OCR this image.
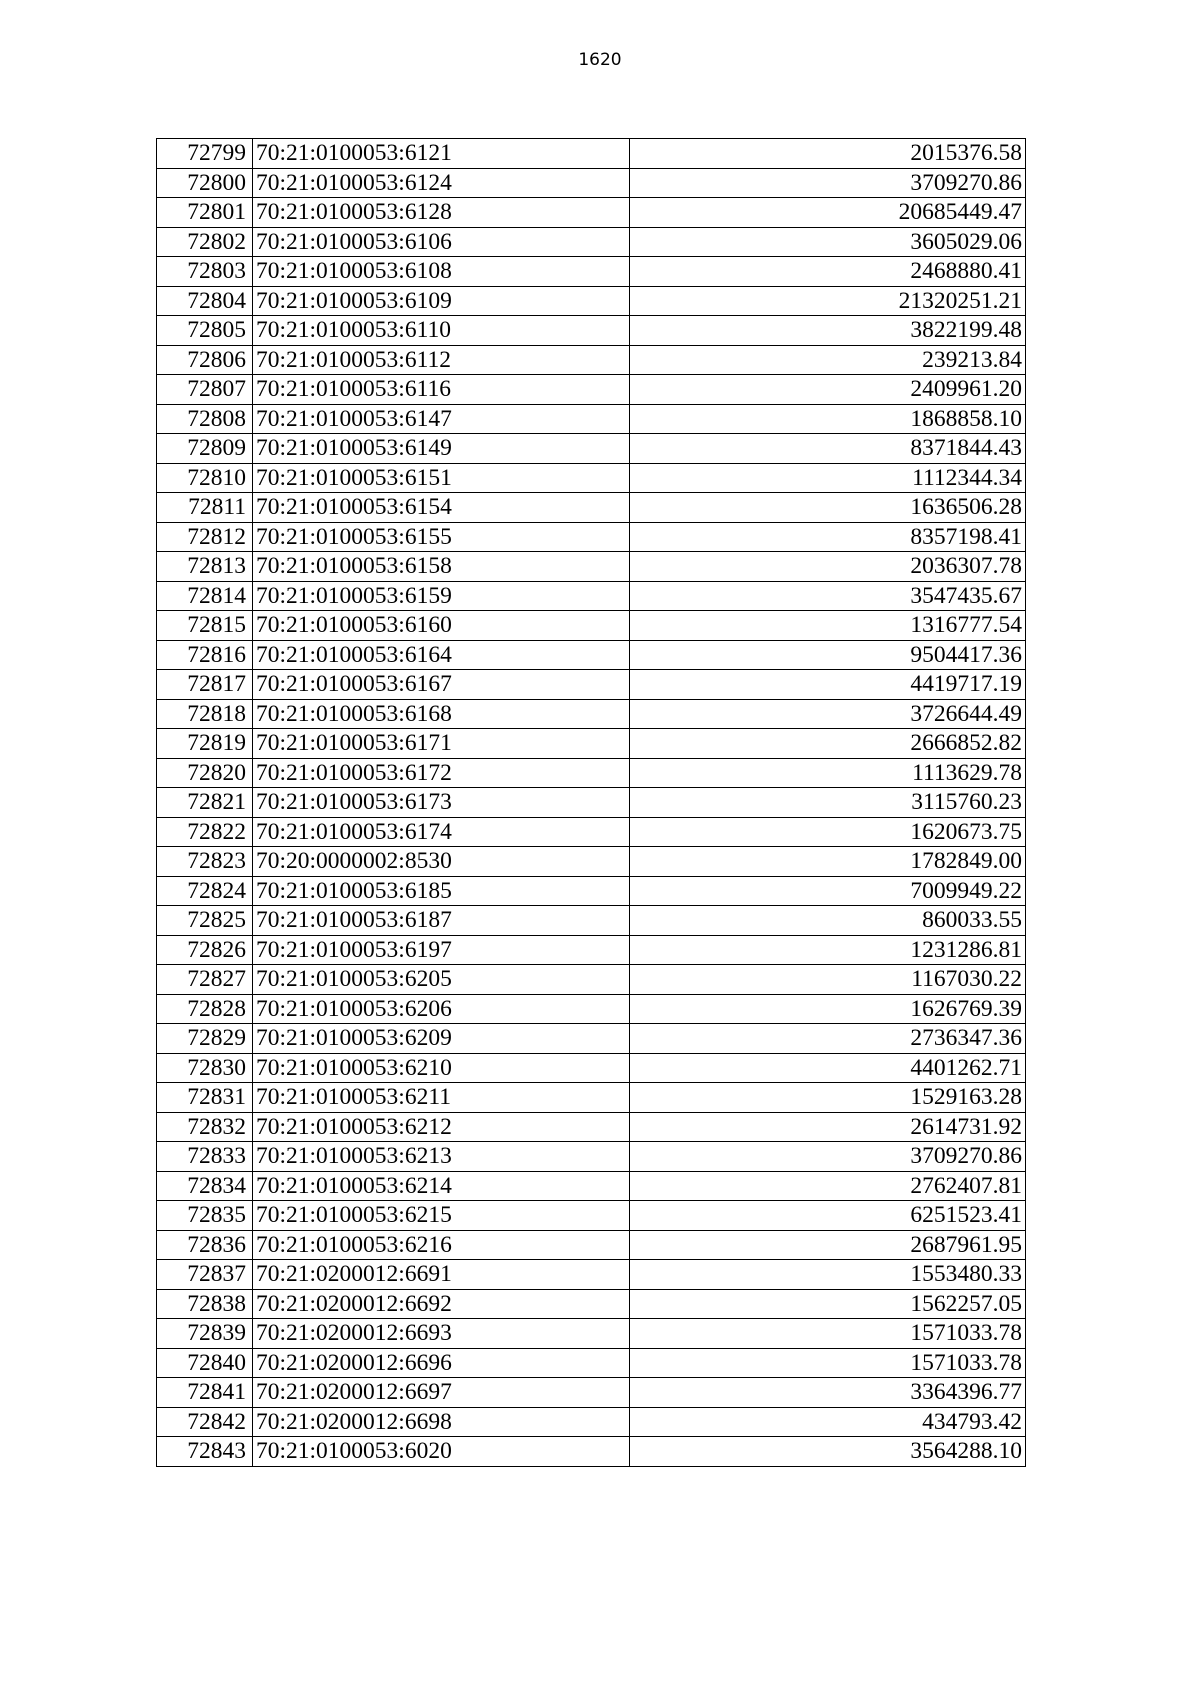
1620
72799	70:21:0100053:6121	2015376.58
72800	70:21:0100053:6124	3709270.86
72801	70:21:0100053:6128	20685449.47
72802	70:21:0100053:6106	3605029.06
72803	70:21:0100053:6108	2468880.41
72804	70:21:0100053:6109	21320251.21
72805	70:21:0100053:6110	3822199.48
72806	70:21:0100053:6112	239213.84
72807	70:21:0100053:6116	2409961.20
72808	70:21:0100053:6147	1868858.10
72809	70:21:0100053:6149	8371844.43
72810	70:21:0100053:6151	1112344.34
72811	70:21:0100053:6154	1636506.28
72812	70:21:0100053:6155	8357198.41
72813	70:21:0100053:6158	2036307.78
72814	70:21:0100053:6159	3547435.67
72815	70:21:0100053:6160	1316777.54
72816	70:21:0100053:6164	9504417.36
72817	70:21:0100053:6167	4419717.19
72818	70:21:0100053:6168	3726644.49
72819	70:21:0100053:6171	2666852.82
72820	70:21:0100053:6172	1113629.78
72821	70:21:0100053:6173	3115760.23
72822	70:21:0100053:6174	1620673.75
72823	70:20:0000002:8530	1782849.00
72824	70:21:0100053:6185	7009949.22
72825	70:21:0100053:6187	860033.55
72826	70:21:0100053:6197	1231286.81
72827	70:21:0100053:6205	1167030.22
72828	70:21:0100053:6206	1626769.39
72829	70:21:0100053:6209	2736347.36
72830	70:21:0100053:6210	4401262.71
72831	70:21:0100053:6211	1529163.28
72832	70:21:0100053:6212	2614731.92
72833	70:21:0100053:6213	3709270.86
72834	70:21:0100053:6214	2762407.81
72835	70:21:0100053:6215	6251523.41
72836	70:21:0100053:6216	2687961.95
72837	70:21:0200012:6691	1553480.33
72838	70:21:0200012:6692	1562257.05
72839	70:21:0200012:6693	1571033.78
72840	70:21:0200012:6696	1571033.78
72841	70:21:0200012:6697	3364396.77
72842	70:21:0200012:6698	434793.42
72843	70:21:0100053:6020	3564288.10
